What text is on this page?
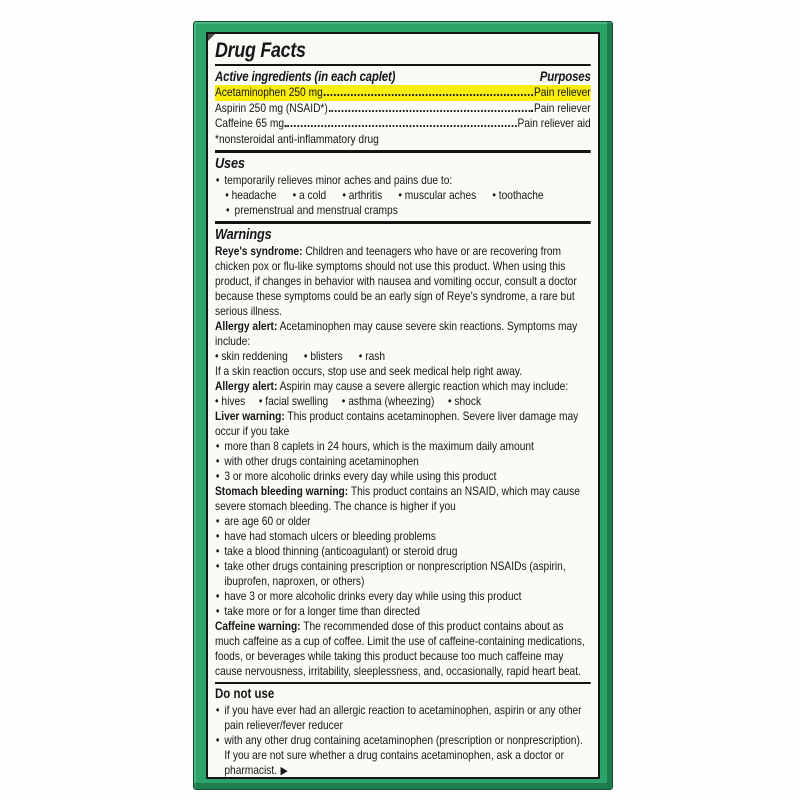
Drug Facts
Active ingredients (in each caplet)	Purposes
Acetaminophen 250 mg	Pain reliever
Aspirin 250 mg (NSAID*)	Pain reliever
Caffeine 65 mg	Pain reliever aid
*nonsteroidal anti-inflammatory drug
Uses
• temporarily relieves minor aches and pains due to:
• headache	• a cold	• arthritis	• muscular aches	• toothache
• premenstrual and menstrual cramps
Warnings

Reye's syndrome: Children and teenagers who have or are recovering from chicken pox or flu-like symptoms should not use this product. When using this product, if changes in behavior with nausea and vomiting occur, consult a doctor because these symptoms could be an early sign of Reye's syndrome, a rare but serious illness.

Allergy alert: Acetaminophen may cause severe skin reactions. Symptoms may include:

• skin reddening	• blisters	• rash

If a skin reaction occurs, stop use and seek medical help right away.

Allergy alert: Aspirin may cause a severe allergic reaction which may include:

• hives	• facial swelling	• asthma (wheezing)	• shock

Liver warning: This product contains acetaminophen. Severe liver damage may occur if you take

• more than 8 caplets in 24 hours, which is the maximum daily amount
• with other drugs containing acetaminophen
• 3 or more alcoholic drinks every day while using this product

Stomach bleeding warning: This product contains an NSAID, which may cause severe stomach bleeding. The chance is higher if you

• are age 60 or older
• have had stomach ulcers or bleeding problems
• take a blood thinning (anticoagulant) or steroid drug
• take other drugs containing prescription or nonprescription NSAIDs (aspirin, ibuprofen, naproxen, or others)
• have 3 or more alcoholic drinks every day while using this product
• take more or for a longer time than directed

Caffeine warning: The recommended dose of this product contains about as much caffeine as a cup of coffee. Limit the use of caffeine-containing medications, foods, or beverages while taking this product because too much caffeine may cause nervousness, irritability, sleeplessness, and, occasionally, rapid heart beat.

Do not use
• if you have ever had an allergic reaction to acetaminophen, aspirin or any other pain reliever/fever reducer
• with any other drug containing acetaminophen (prescription or nonprescription). If you are not sure whether a drug contains acetaminophen, ask a doctor or pharmacist. ▶
